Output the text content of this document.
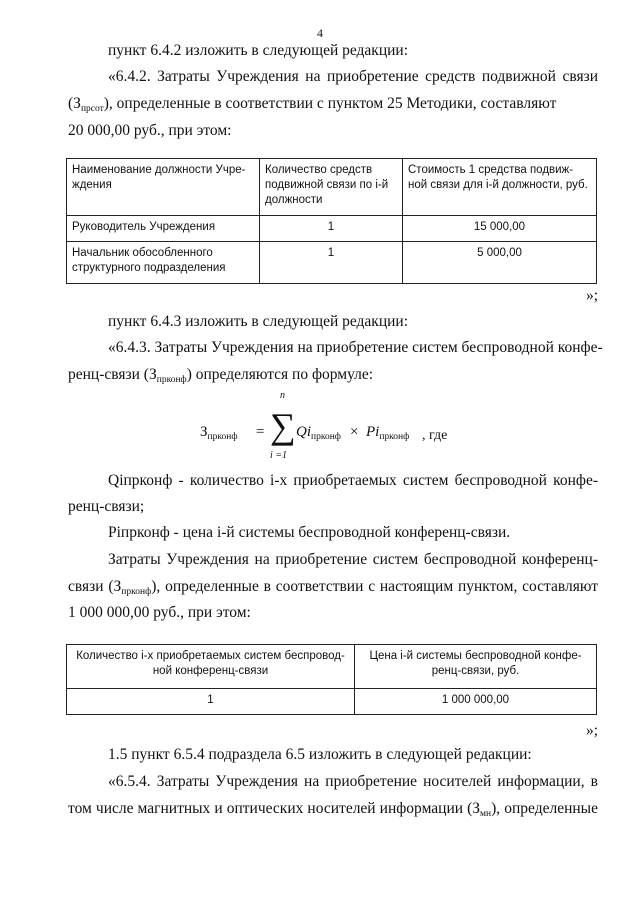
4
пункт 6.4.2 изложить в следующей редакции:
«6.4.2. Затраты Учреждения на приобретение средств подвижной связи
$(З_{прсот})$, определенные в соответствии с пунктом 25 Методики, составляют
20 000,00 руб., при этом:
Наименование должности Учре-ждения	Количество средств подвижной связи по i-й должности	Стоимость 1 средства подвиж-ной связи для i-й должности, руб.
Руководитель Учреждения	1	15 000,00
Начальник обособленного структурного подразделения	1	5 000,00
»;
пункт 6.4.3 изложить в следующей редакции:
«6.4.3. Затраты Учреждения на приобретение систем беспроводной конфе-
ренц-связи $(З_{прконф})$ определяются по формуле:
$З_{прконф}$ =
n
∑
i =1
$Qi_{прконф} \times Pi_{прконф}$ , где
Qiпрконф - количество i-х приобретаемых систем беспроводной конфе-
ренц-связи;
Piпрконф - цена i-й системы беспроводной конференц-связи.
Затраты Учреждения на приобретение систем беспроводной конференц-
связи $(З_{прконф})$, определенные в соответствии с настоящим пунктом, составляют
1 000 000,00 руб., при этом:
Количество i-х приобретаемых систем беспровод-ной конференц-связи	Цена i-й системы беспроводной конфе-ренц-связи, руб.
1	1 000 000,00
»;
1.5 пункт 6.5.4 подраздела 6.5 изложить в следующей редакции:
«6.5.4. Затраты Учреждения на приобретение носителей информации, в
том числе магнитных и оптических носителей информации $(З_{мн})$, определенные
